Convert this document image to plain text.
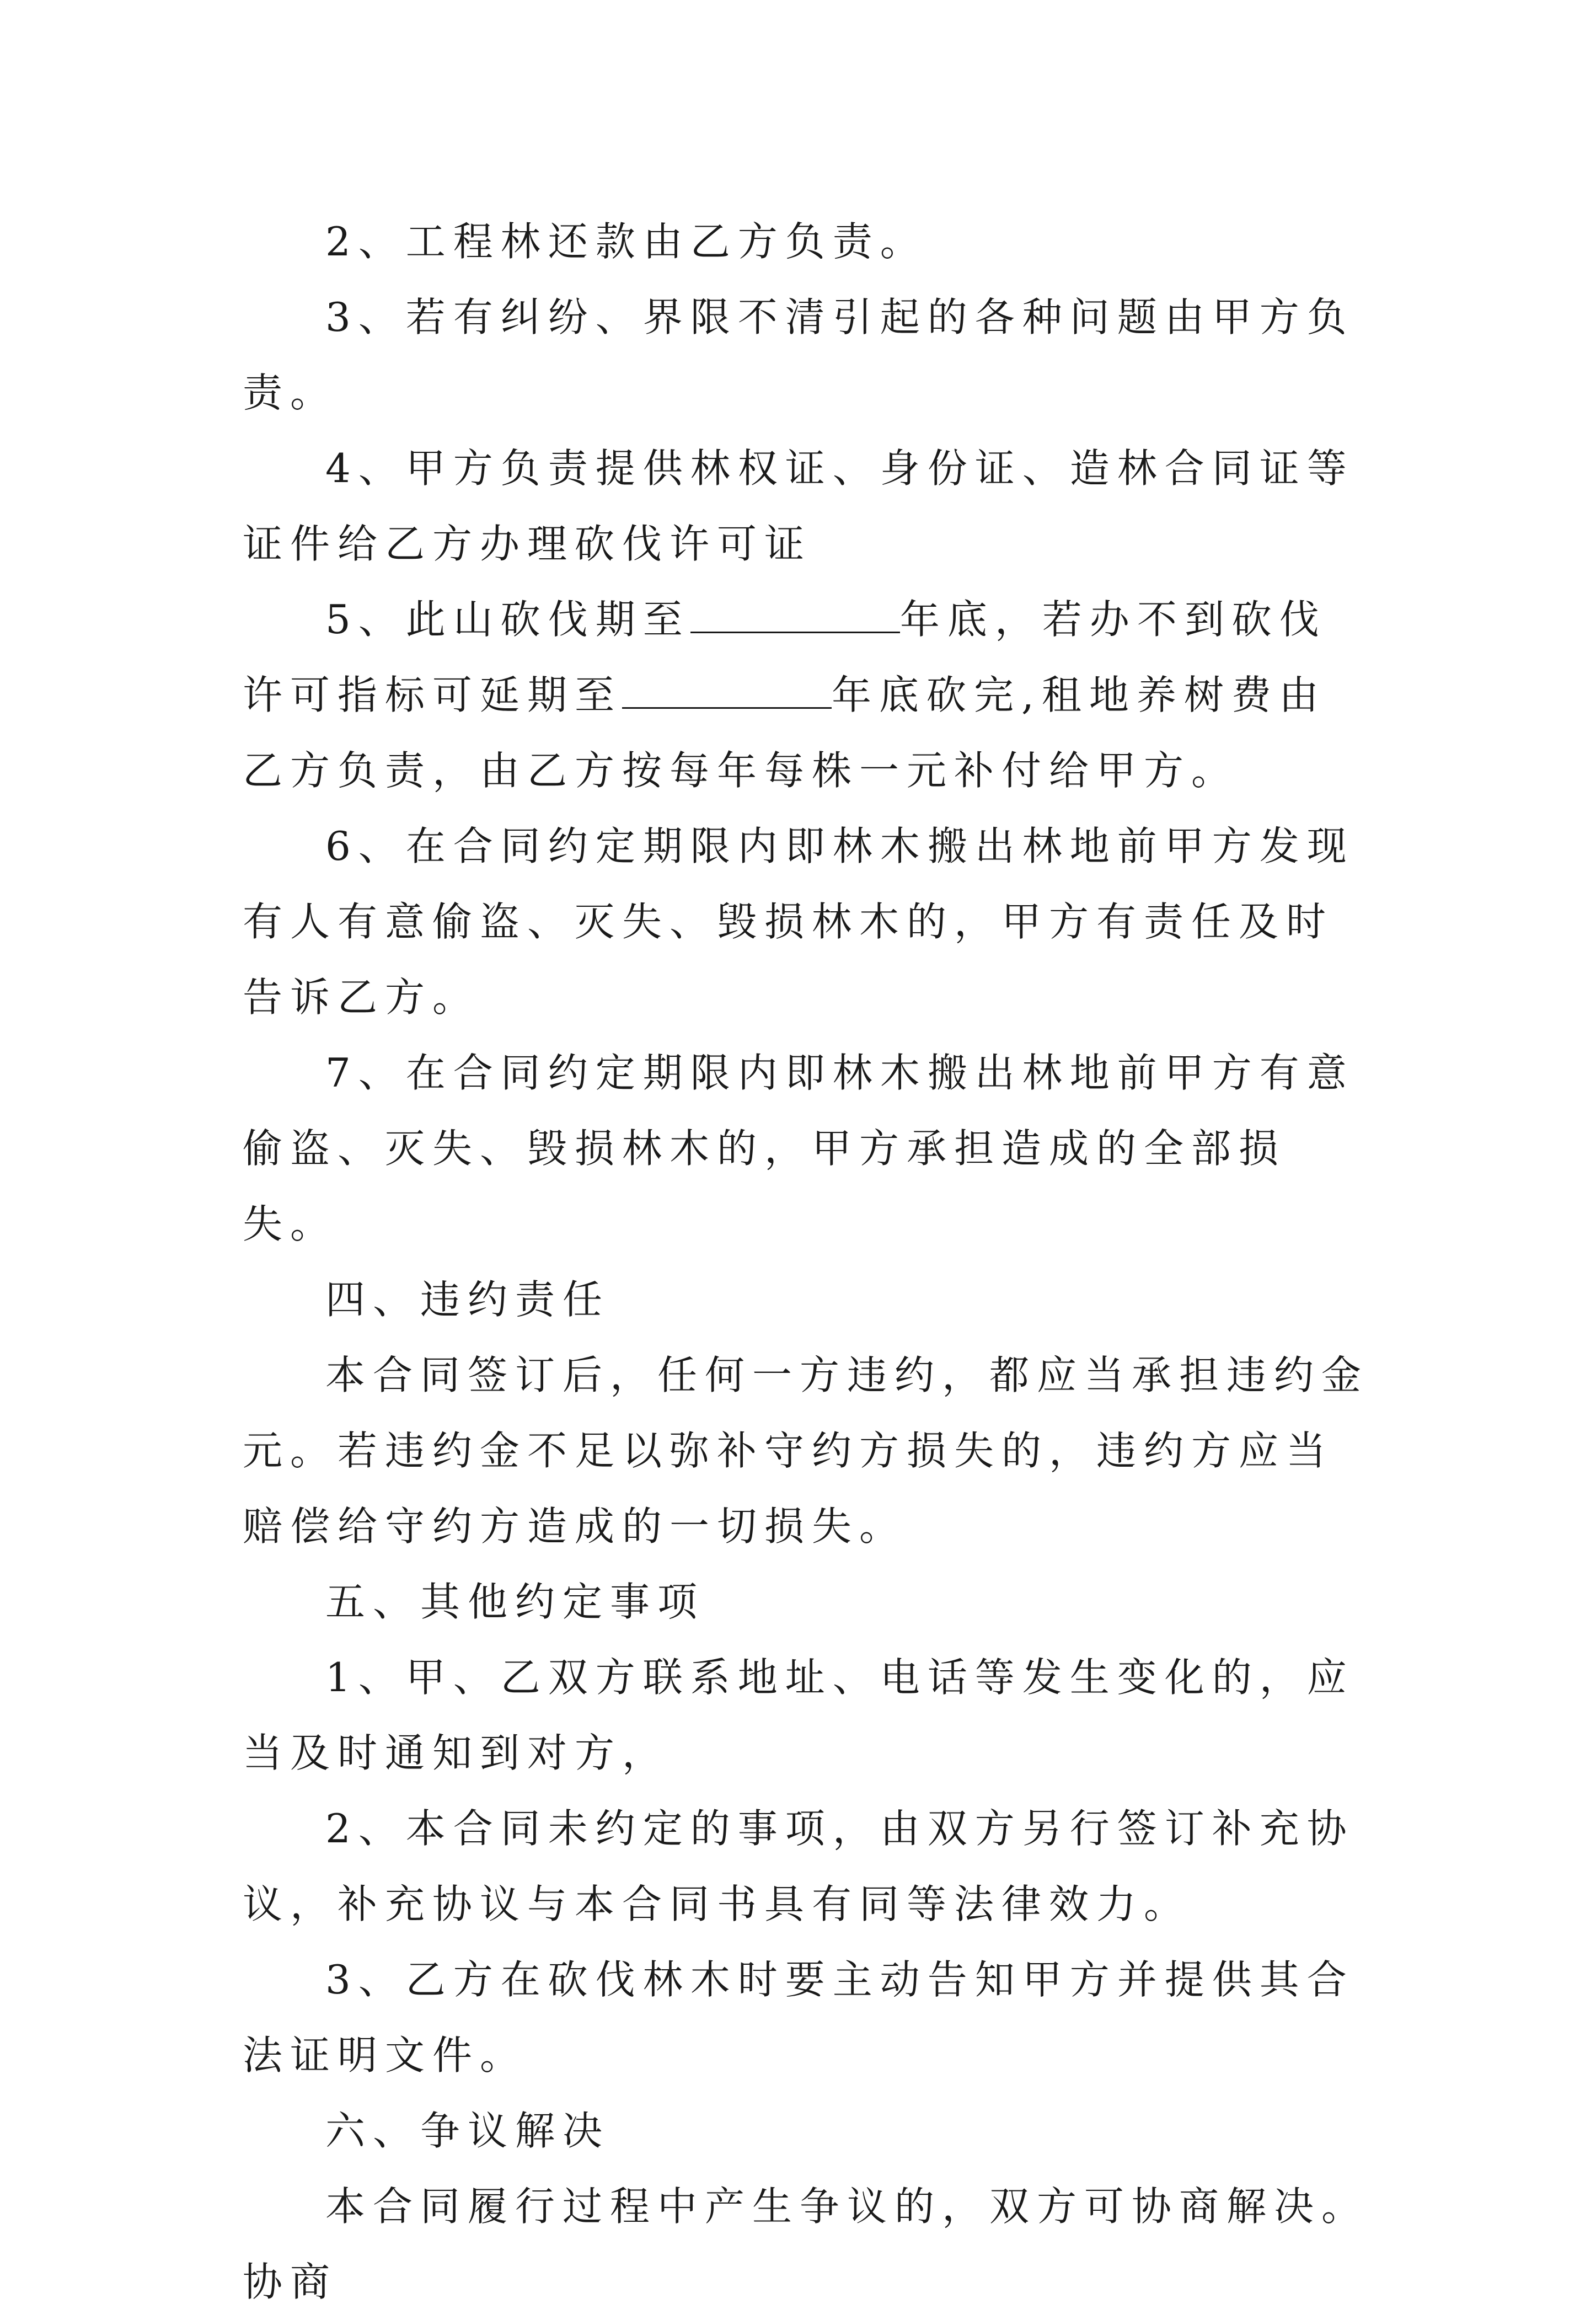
2、工程林还款由乙方负责。

3、若有纠纷、界限不清引起的各种问题由甲方负责。

4、甲方负责提供林权证、身份证、造林合同证等证件给乙方办理砍伐许可证

5、此山砍伐期至	年底，若办不到砍伐许可指标可延期至	年底砍完,租地养树费由乙方负责，由乙方按每年每株一元补付给甲方。

6、在合同约定期限内即林木搬出林地前甲方发现有人有意偷盗、灭失、毁损林木的，甲方有责任及时告诉乙方。

7、在合同约定期限内即林木搬出林地前甲方有意偷盗、灭失、毁损林木的，甲方承担造成的全部损失。

四、违约责任

本合同签订后，任何一方违约，都应当承担违约金元。若违约金不足以弥补守约方损失的，违约方应当赔偿给守约方造成的一切损失。

五、其他约定事项

1、甲、乙双方联系地址、电话等发生变化的，应当及时通知到对方，

2、本合同未约定的事项，由双方另行签订补充协议，补充协议与本合同书具有同等法律效力。

3、乙方在砍伐林木时要主动告知甲方并提供其合法证明文件。

六、争议解决

本合同履行过程中产生争议的，双方可协商解决。协商
